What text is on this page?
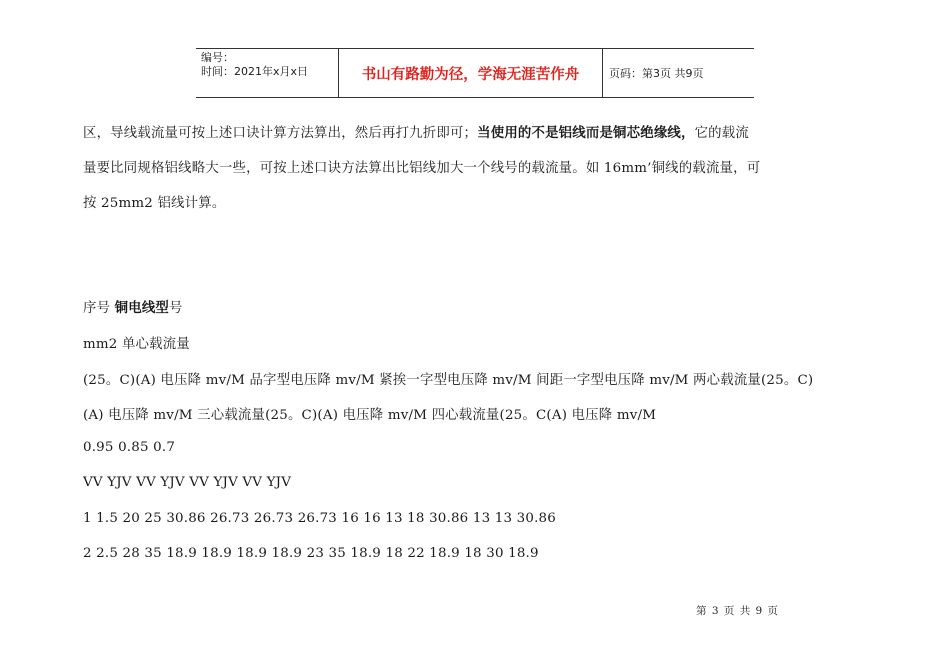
编号：
时间：2021年x月x日	书山有路勤为径，学海无涯苦作舟	页码：第3页 共9页
区，导线载流量可按上述口诀计算方法算出，然后再打九折即可；当使用的不是铝线而是铜芯绝缘线，它的载流
量要比同规格铝线略大一些，可按上述口诀方法算出比铝线加大一个线号的载流量。如 16mm’铜线的载流量，可
按 25mm2 铝线计算。
序号 铜电线型号
mm2 单心载流量
(25。C)(A) 电压降 mv/M 品字型电压降 mv/M 紧挨一字型电压降 mv/M 间距一字型电压降 mv/M 两心载流量(25。C)
(A) 电压降 mv/M 三心载流量(25。C)(A) 电压降 mv/M 四心载流量(25。C(A) 电压降 mv/M
0.95 0.85 0.7
VV YJV VV YJV VV YJV VV YJV
1 1.5 20 25 30.86 26.73 26.73 26.73 16 16 13 18 30.86 13 13 30.86
2 2.5 28 35 18.9 18.9 18.9 18.9 23 35 18.9 18 22 18.9 18 30 18.9
第 3 页 共 9 页
